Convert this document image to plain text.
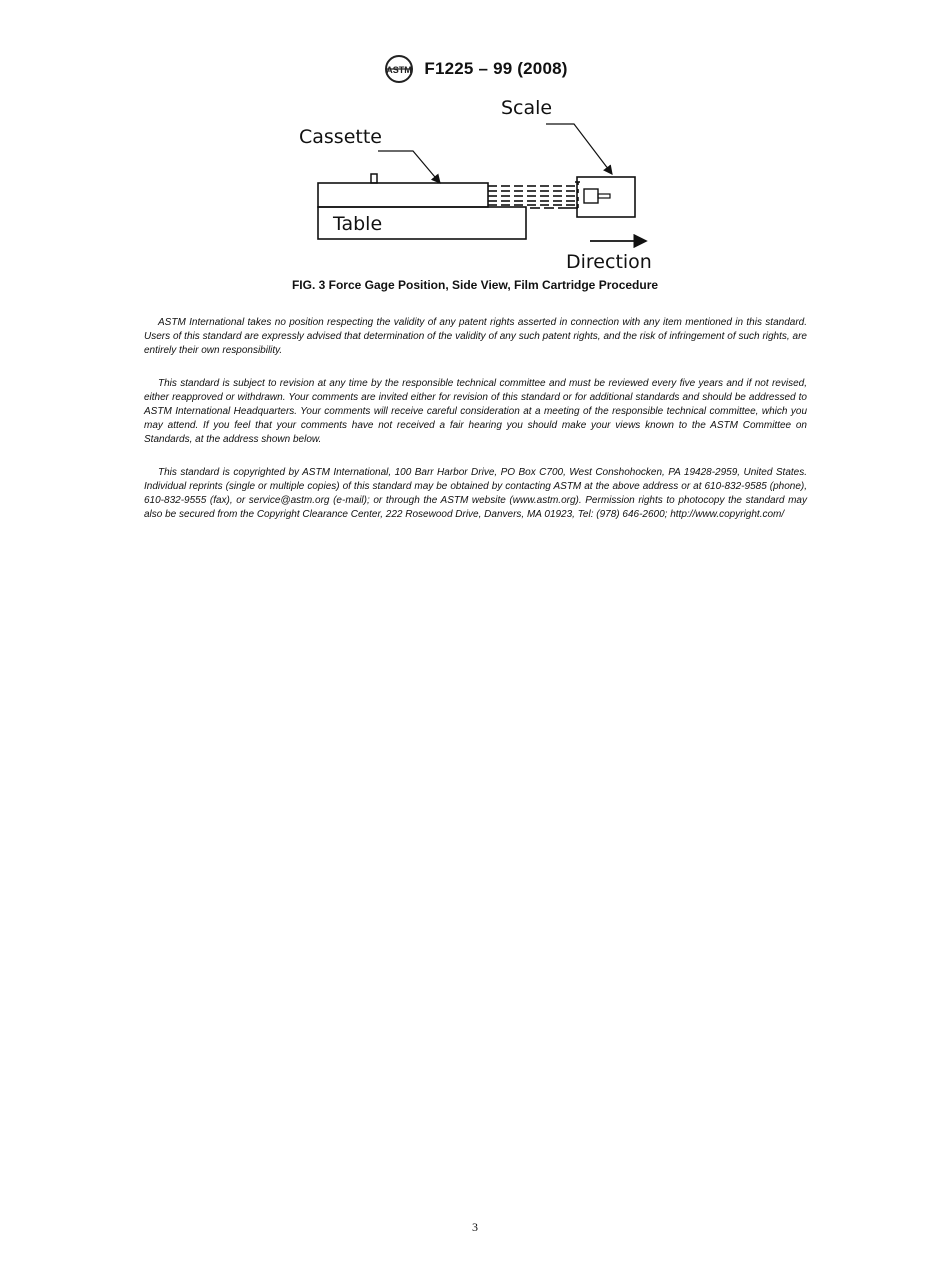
ASTM F1225 – 99 (2008)
Cassette
Scale
Table
Direction
FIG. 3 Force Gage Position, Side View, Film Cartridge Procedure

ASTM International takes no position respecting the validity of any patent rights asserted in connection with any item mentioned in this standard. Users of this standard are expressly advised that determination of the validity of any such patent rights, and the risk of infringement of such rights, are entirely their own responsibility.

This standard is subject to revision at any time by the responsible technical committee and must be reviewed every five years and if not revised, either reapproved or withdrawn. Your comments are invited either for revision of this standard or for additional standards and should be addressed to ASTM International Headquarters. Your comments will receive careful consideration at a meeting of the responsible technical committee, which you may attend. If you feel that your comments have not received a fair hearing you should make your views known to the ASTM Committee on Standards, at the address shown below.

This standard is copyrighted by ASTM International, 100 Barr Harbor Drive, PO Box C700, West Conshohocken, PA 19428-2959, United States. Individual reprints (single or multiple copies) of this standard may be obtained by contacting ASTM at the above address or at 610-832-9585 (phone), 610-832-9555 (fax), or service@astm.org (e-mail); or through the ASTM website (www.astm.org). Permission rights to photocopy the standard may also be secured from the Copyright Clearance Center, 222 Rosewood Drive, Danvers, MA 01923, Tel: (978) 646-2600; http://www.copyright.com/

3
